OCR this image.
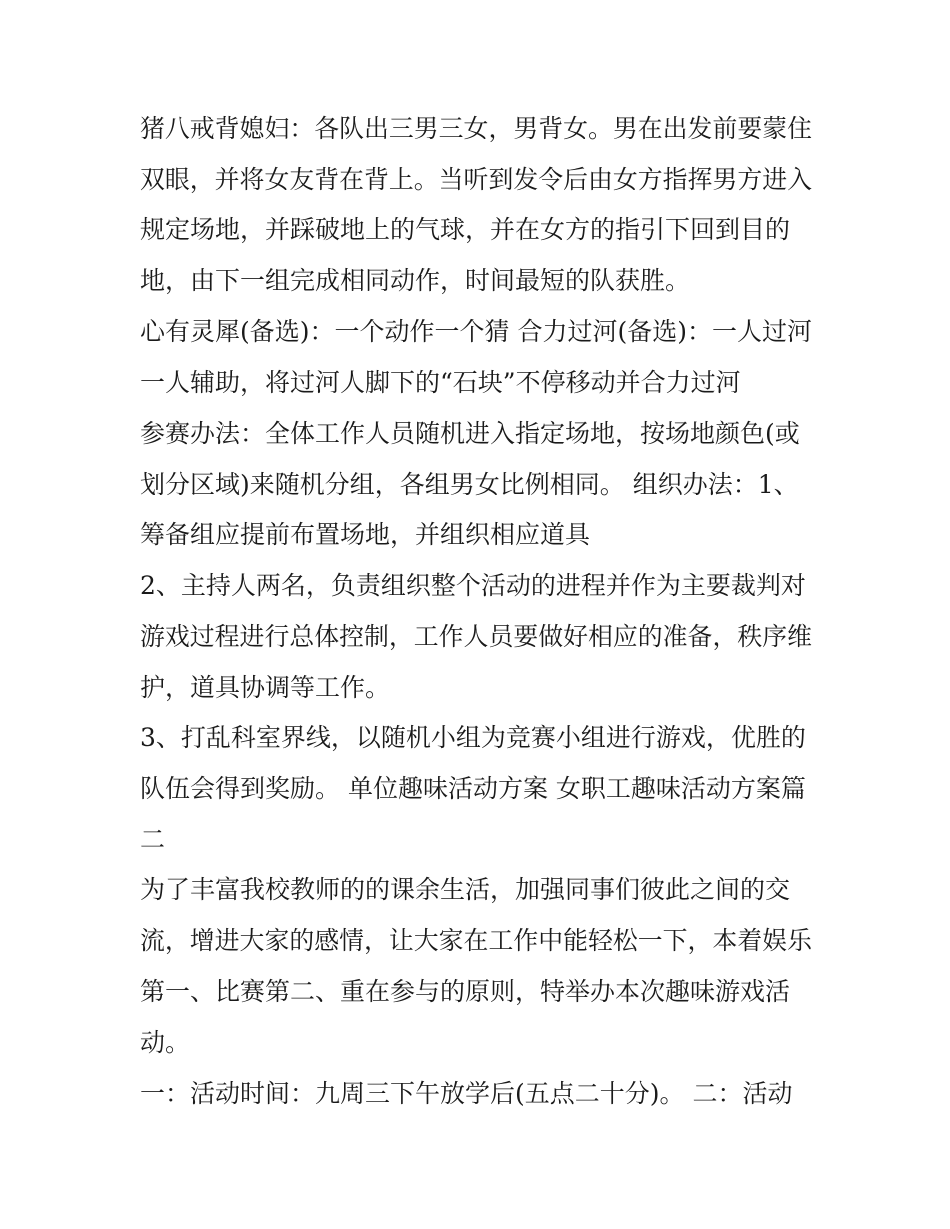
猪八戒背媳妇：各队出三男三女，男背女。男在出发前要蒙住

双眼，并将女友背在背上。当听到发令后由女方指挥男方进入

规定场地，并踩破地上的气球，并在女方的指引下回到目的

地，由下一组完成相同动作，时间最短的队获胜。

心有灵犀(备选)：一个动作一个猜 合力过河(备选)：一人过河

一人辅助，将过河人脚下的“石块”不停移动并合力过河

参赛办法：全体工作人员随机进入指定场地，按场地颜色(或

划分区域)来随机分组，各组男女比例相同。 组织办法：1、

筹备组应提前布置场地，并组织相应道具

2、主持人两名，负责组织整个活动的进程并作为主要裁判对

游戏过程进行总体控制，工作人员要做好相应的准备，秩序维

护，道具协调等工作。

3、打乱科室界线，以随机小组为竞赛小组进行游戏，优胜的

队伍会得到奖励。 单位趣味活动方案 女职工趣味活动方案篇

二

为了丰富我校教师的的课余生活，加强同事们彼此之间的交

流，增进大家的感情，让大家在工作中能轻松一下，本着娱乐

第一、比赛第二、重在参与的原则，特举办本次趣味游戏活

动。

一：活动时间：九周三下午放学后(五点二十分)。 二：活动
